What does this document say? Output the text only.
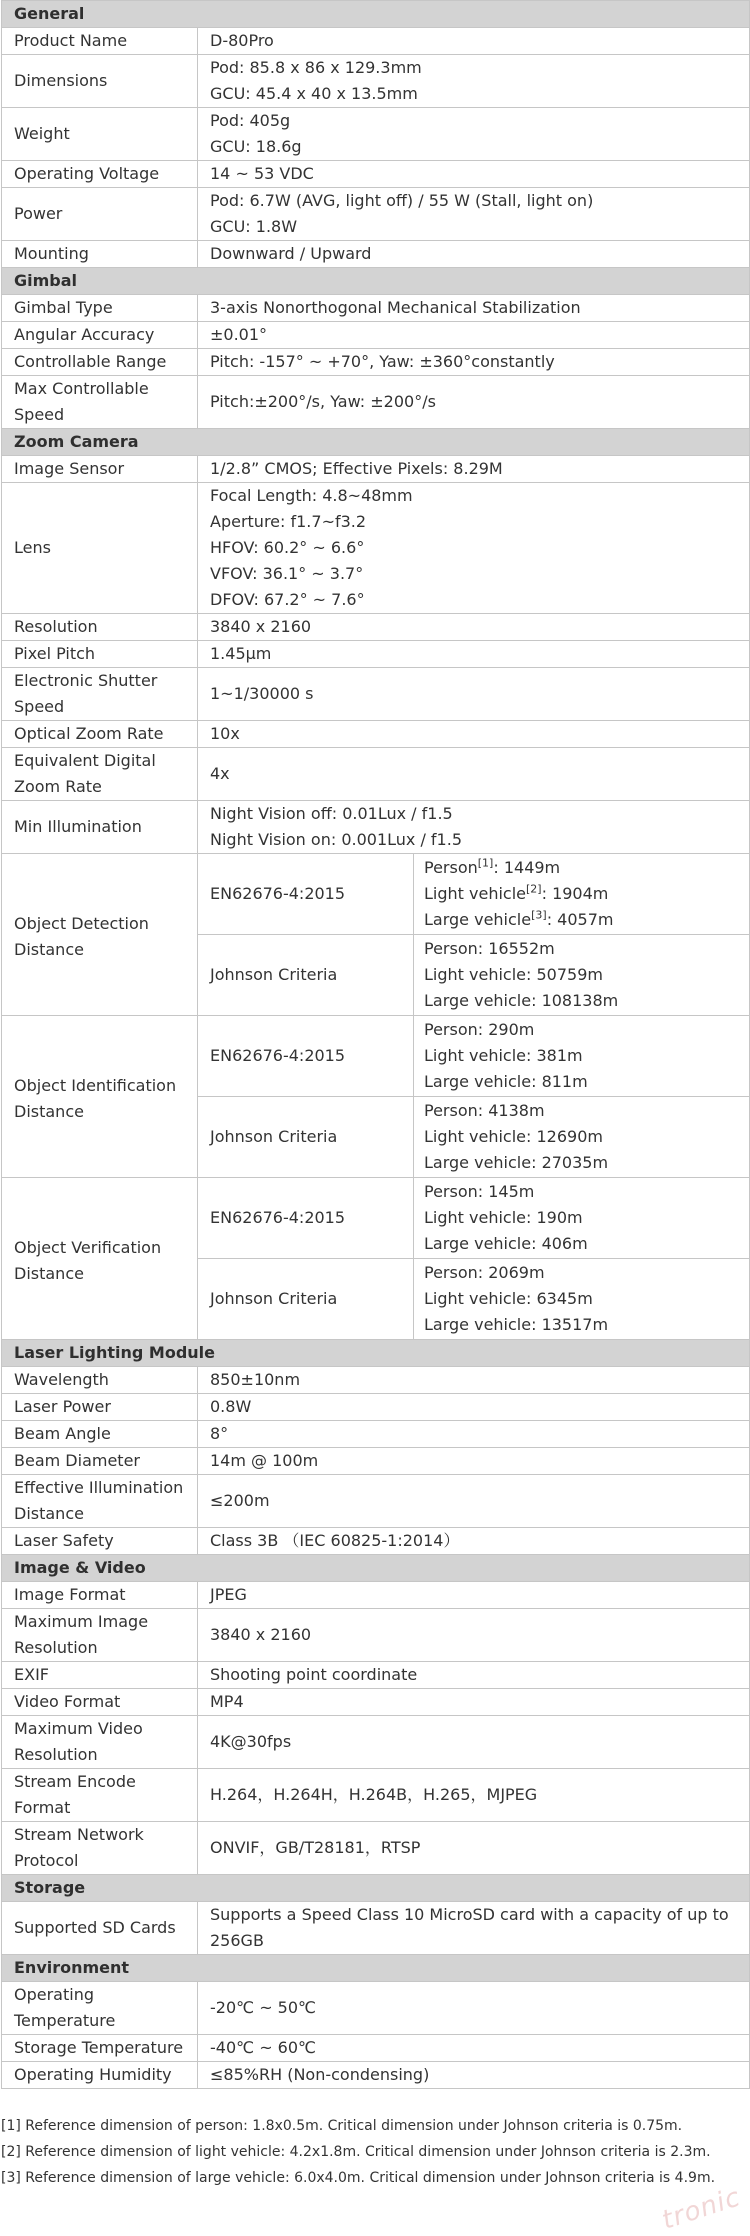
General		
Product Name	D-80Pro	

Dimensions	Pod: 85.8 x 86 x 129.3mm
GCU: 45.4 x 40 x 13.5mm	

Weight	Pod: 405g
GCU: 18.6g	

Operating Voltage	14 ~ 53 VDC	

Power	Pod: 6.7W (AVG, light off) / 55 W (Stall, light on)
GCU: 1.8W	

Mounting	Downward / Upward	

Gimbal		
Gimbal Type	3-axis Nonorthogonal Mechanical Stabilization	

Angular Accuracy	±0.01°	

Controllable Range	Pitch: -157° ~ +70°, Yaw: ±360°constantly	

Max Controllable Speed	Pitch:±200°/s, Yaw: ±200°/s	

Zoom Camera		
Image Sensor	1/2.8” CMOS; Effective Pixels: 8.29M	

Lens	Focal Length: 4.8~48mm
Aperture: f1.7~f3.2
HFOV: 60.2° ~ 6.6°
VFOV: 36.1° ~ 3.7°
DFOV: 67.2° ~ 7.6°	

Resolution	3840 x 2160	

Pixel Pitch	1.45μm	

Electronic Shutter Speed	1~1/30000 s	

Optical Zoom Rate	10x	

Equivalent Digital Zoom Rate	4x	

Min Illumination	Night Vision off: 0.01Lux / f1.5
Night Vision on: 0.001Lux / f1.5	

Object Detection Distance	EN62676-4:2015	Person[1]: 1449m
Light vehicle[2]: 1904m
Large vehicle[3]: 4057m

	Johnson Criteria	Person: 16552m
Light vehicle: 50759m
Large vehicle: 108138m

Object Identification Distance	EN62676-4:2015	Person: 290m
Light vehicle: 381m
Large vehicle: 811m

	Johnson Criteria	Person: 4138m
Light vehicle: 12690m
Large vehicle: 27035m

Object Verification Distance	EN62676-4:2015	Person: 145m
Light vehicle: 190m
Large vehicle: 406m

	Johnson Criteria	Person: 2069m
Light vehicle: 6345m
Large vehicle: 13517m

Laser Lighting Module		
Wavelength	850±10nm	

Laser Power	0.8W	

Beam Angle	8°	

Beam Diameter	14m @ 100m	

Effective Illumination Distance	≤200m	

Laser Safety	Class 3B （IEC 60825-1:2014）	

Image & Video		
Image Format	JPEG	

Maximum Image Resolution	3840 x 2160	

EXIF	Shooting point coordinate	

Video Format	MP4	

Maximum Video Resolution	4K@30fps	

Stream Encode Format	H.264，H.264H，H.264B，H.265，MJPEG	

Stream Network Protocol	ONVIF，GB/T28181，RTSP	

Storage		
Supported SD Cards	Supports a Speed Class 10 MicroSD card with a capacity of up to 256GB	

Environment		
Operating Temperature	-20℃ ~ 50℃	

Storage Temperature	-40℃ ~ 60℃	

Operating Humidity	≤85%RH (Non-condensing)	
[1] Reference dimension of person: 1.8x0.5m. Critical dimension under Johnson criteria is 0.75m.
[2] Reference dimension of light vehicle: 4.2x1.8m. Critical dimension under Johnson criteria is 2.3m.
[3] Reference dimension of large vehicle: 6.0x4.0m. Critical dimension under Johnson criteria is 4.9m.
tronic
